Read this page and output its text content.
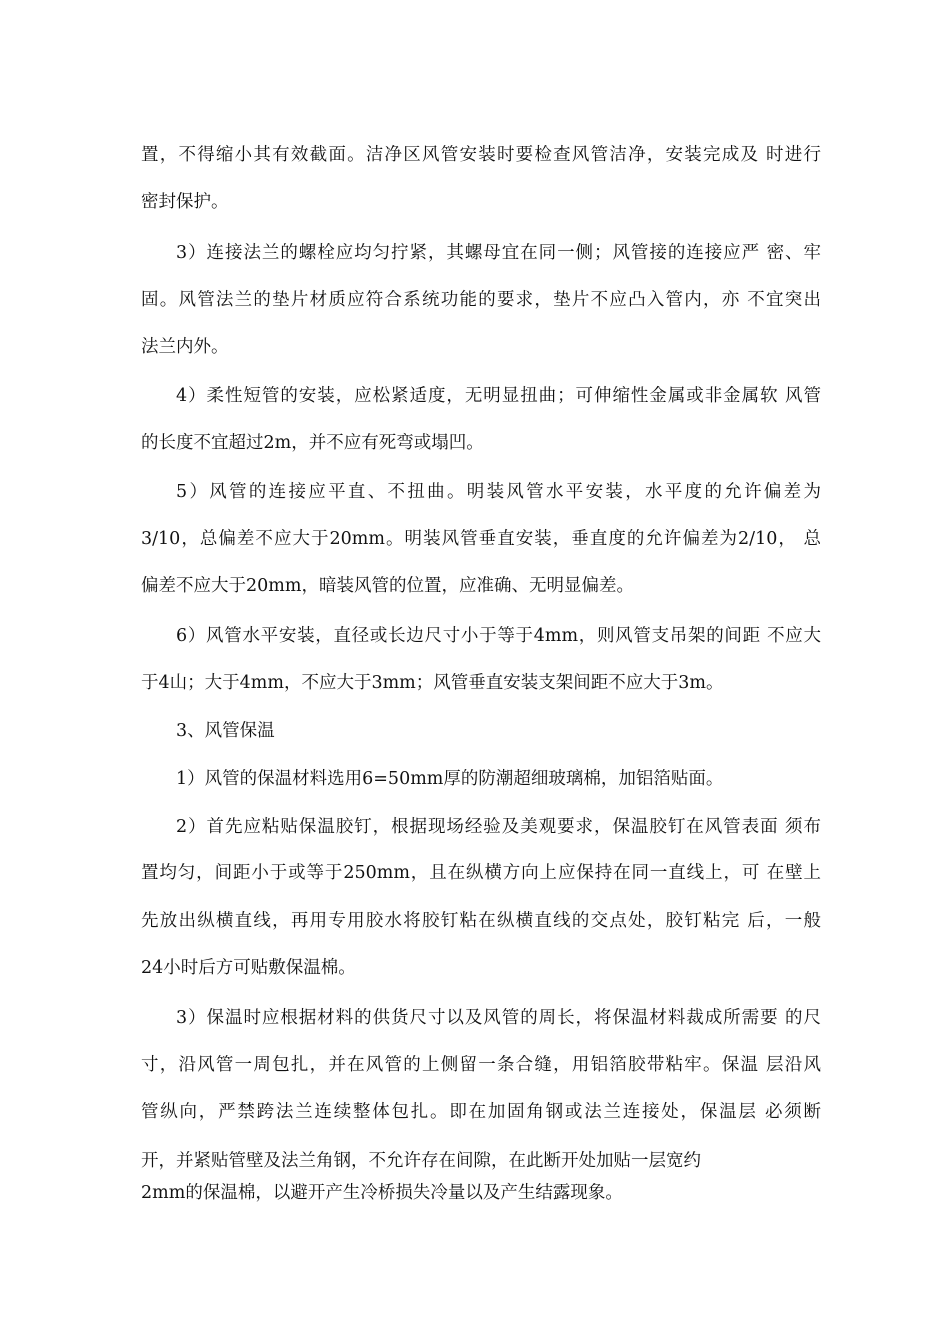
置，不得缩小其有效截面。洁净区风管安装时要检查风管洁净，安装完成及 时进行
密封保护。
3）连接法兰的螺栓应均匀拧紧，其螺母宜在同一侧；风管接的连接应严 密、牢
固。风管法兰的垫片材质应符合系统功能的要求，垫片不应凸入管内，亦 不宜突出
法兰内外。
4）柔性短管的安装，应松紧适度，无明显扭曲；可伸缩性金属或非金属软 风管
的长度不宜超过2m，并不应有死弯或塌凹。
5）风管的连接应平直、不扭曲。明装风管水平安装，水平度的允许偏差为
3/10，总偏差不应大于20mm。明装风管垂直安装，垂直度的允许偏差为2/10， 总
偏差不应大于20mm，暗装风管的位置，应准确、无明显偏差。
6）风管水平安装，直径或长边尺寸小于等于4mm，则风管支吊架的间距 不应大
于4山；大于4mm，不应大于3mm；风管垂直安装支架间距不应大于3m。
3、风管保温
1）风管的保温材料选用6=50mm厚的防潮超细玻璃棉，加铝箔贴面。
2）首先应粘贴保温胶钉，根据现场经验及美观要求，保温胶钉在风管表面 须布
置均匀，间距小于或等于250mm，且在纵横方向上应保持在同一直线上，可 在壁上
先放出纵横直线，再用专用胶水将胶钉粘在纵横直线的交点处，胶钉粘完 后，一般
24小时后方可贴敷保温棉。
3）保温时应根据材料的供货尺寸以及风管的周长，将保温材料裁成所需要 的尺
寸，沿风管一周包扎，并在风管的上侧留一条合缝，用铝箔胶带粘牢。保温 层沿风
管纵向，严禁跨法兰连续整体包扎。即在加固角钢或法兰连接处，保温层 必须断
开，并紧贴管壁及法兰角钢，不允许存在间隙，在此断开处加贴一层宽约
2mm的保温棉，以避开产生冷桥损失冷量以及产生结露现象。
